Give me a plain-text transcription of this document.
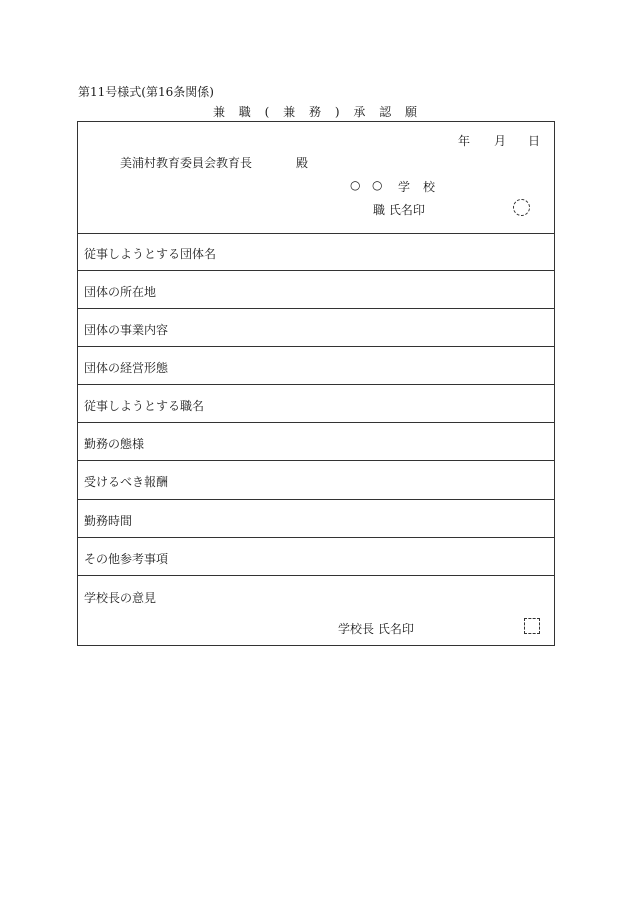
第11号様式(第16条関係)
兼 職 ( 兼 務 ) 承 認 願
年 月 日
美浦村教育委員会教育長	殿
○ ○ 学 校
職 氏名印
従事しようとする団体名
団体の所在地
団体の事業内容
団体の経営形態
従事しようとする職名
勤務の態様
受けるべき報酬
勤務時間
その他参考事項
学校長の意見
学校長 氏名印
